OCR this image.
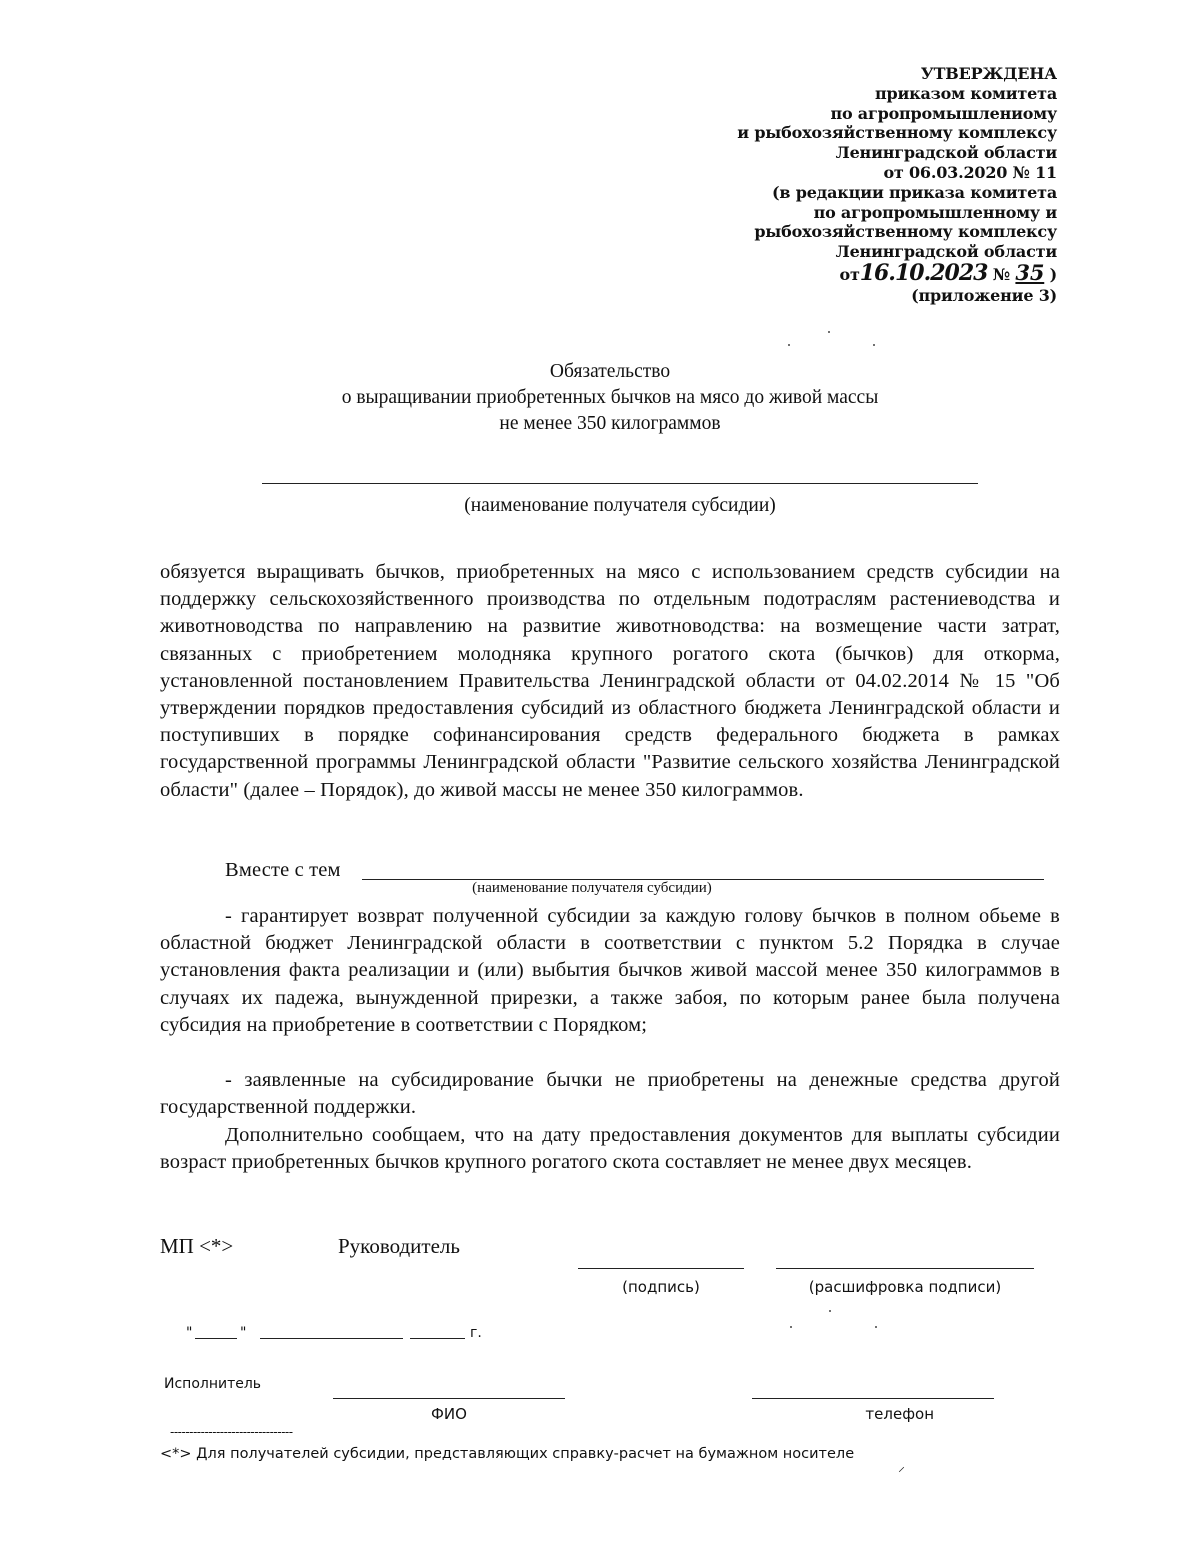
УТВЕРЖДЕНА
приказом комитета
по агропромышлениому
и рыбохозяйственному комплексу
Ленинградской области
от 06.03.2020 № 11
(в редакции приказа комитета
по агропромышленному и
рыбохозяйственному комплексу
Ленинградской области
от16.10.2023 № 35 )
(приложение 3)
Обязательство
о выращивании приобретенных бычков на мясо до живой массы
не менее 350 килограммов
(наименование получателя субсидии)
обязуется выращивать бычков, приобретенных на мясо с использованием средств субсидии на поддержку сельскохозяйственного производства по отдельным подотраслям растениеводства и животноводства по направлению на развитие животноводства: на возмещение части затрат, связанных с приобретением молодняка крупного рогатого скота (бычков) для откорма, установленной постановлением Правительства Ленинградской области от 04.02.2014 № 15 "Об утверждении порядков предоставления субсидий из областного бюджета Ленинградской области и поступивших в порядке софинансирования средств федерального бюджета в рамках государственной программы Ленинградской области "Развитие сельского хозяйства Ленинградской области" (далее – Порядок), до живой массы не менее 350 килограммов.
Вместе с тем
(наименование получателя субсидии)
- гарантирует возврат полученной субсидии за каждую голову бычков в полном обьеме в областной бюджет Ленинградской области в соответствии с пунктом 5.2 Порядка в случае установления факта реализации и (или) выбытия бычков живой массой менее 350 килограммов в случаях их падежа, вынужденной прирезки, а также забоя, по которым ранее была получена субсидия на приобретение в соответствии с Порядком;
- заявленные на субсидирование бычки не приобретены на денежные средства другой государственной поддержки.
Дополнительно сообщаем, что на дату предоставления документов для выплаты субсидии возраст приобретенных бычков крупного рогатого скота составляет не менее двух месяцев.
МП <*>	Руководитель
(подпись)	(расшифровка подписи)
"	"	г.
Исполнитель
ФИО	телефон
--------------------------------
<*> Для получателей субсидии, представляющих справку-расчет на бумажном носителе
⸝
